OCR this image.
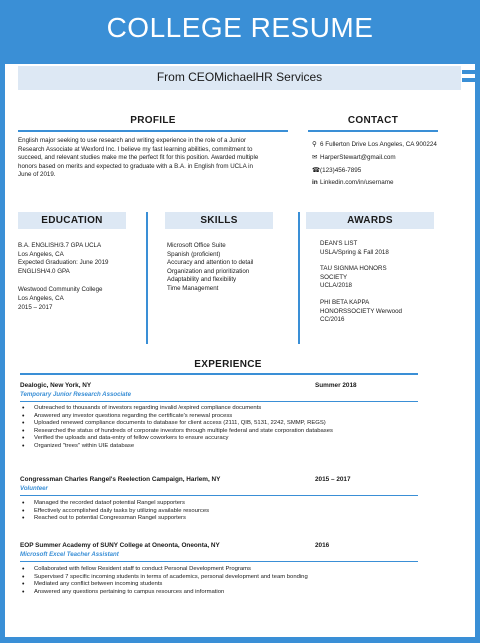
COLLEGE RESUME
From CEOMichaelHR Services
PROFILE
English major seeking to use research and writing experience in the role of a Junior
Research Associate at Wexford Inc. I believe my fast learning abilities, commitment to
succeed, and relevant studies make me the perfect fit for this position. Awarded multiple
honors based on merits and expected to graduate with a B.A. in English from UCLA in
June of 2019.
CONTACT
⚲ 6 Fullerton Drive Los Angeles, CA 900224
✉ HarperStewart@gmail.com
☎(123)456-7895
in Linkedin.com/in/username
EDUCATION
B.A. ENGLISH/3.7 GPA UCLA
Los Angeles, CA
Expected Graduation: June 2019
ENGLISH/4.0 GPA
Westwood Community College
Los Angeles, CA
2015 – 2017
SKILLS
Microsoft Office Suite
Spanish (proficient)
Accuracy and attention to detail
Organization and prioritization
Adaptability and flexibility
Time Management
AWARDS
DEAN'S LIST
USLA/Spring & Fall 2018
TAU SIGNMA HONORS
SOCIETY
UCLA/2018
PHI BETA KAPPA
HONORSSOCIETY Werwood
CC/2016
EXPERIENCE
Dealogic, New York, NY	Summer 2018
Temporary Junior Research Associate
• Outreached to thousands of investors regarding invalid /expired compliance documents
• Answered any investor questions regarding the certificate's renewal process
• Uploaded renewed compliance documents to database for client access (2111, QIB, 5131, 2242, SMMP, REGS)
• Researched the status of hundreds of corporate investors through multiple federal and state corporation databases
• Verified the uploads and data-entry of fellow coworkers to ensure accuracy
• Organized "trees" within UIE database
Congressman Charles Rangel's Reelection Campaign, Harlem, NY	2015 – 2017
Volunteer
• Managed the recorded dataof potential Rangel supporters
• Effectively accomplished daily tasks by utilizing available resources
• Reached out to potential Congressman Rangel supporters
EOP Summer Academy of SUNY College at Oneonta, Oneonta, NY	2016
Microsoft Excel Teacher Assistant
• Collaborated with fellow Resident staff to conduct Personal Development Programs
• Supervised 7 specific incoming students in terms of academics, personal development and team bonding
• Mediated any conflict between incoming students
• Answered any questions pertaining to campus resources and information
